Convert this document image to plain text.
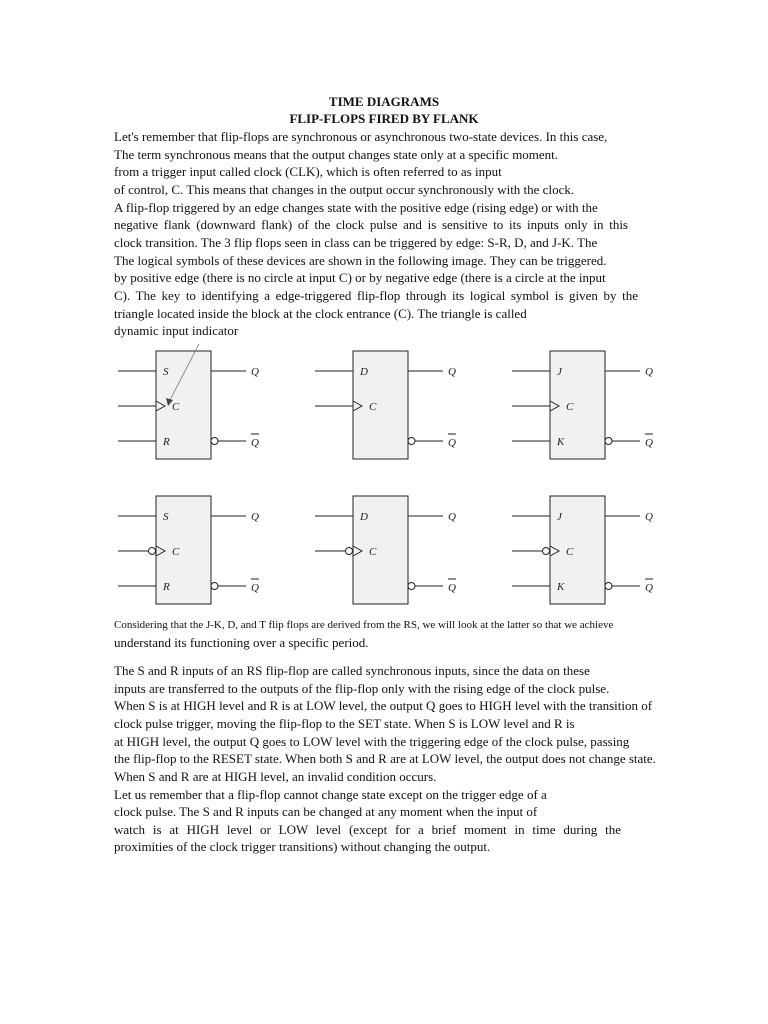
TIME DIAGRAMS
FLIP-FLOPS FIRED BY FLANK
Let's remember that flip-flops are synchronous or asynchronous two-state devices. In this case,
The term synchronous means that the output changes state only at a specific moment.
from a trigger input called clock (CLK), which is often referred to as input
of control, C. This means that changes in the output occur synchronously with the clock.
A flip-flop triggered by an edge changes state with the positive edge (rising edge) or with the
negative flank (downward flank) of the clock pulse and is sensitive to its inputs only in this
clock transition. The 3 flip flops seen in class can be triggered by edge: S-R, D, and J-K. The
The logical symbols of these devices are shown in the following image. They can be triggered.
by positive edge (there is no circle at input C) or by negative edge (there is a circle at the input
C). The key to identifying a edge-triggered flip-flop through its logical symbol is given by the
triangle located inside the block at the clock entrance (C). The triangle is called
dynamic input indicator
S
C
R
Q
Q
D
C
Q
Q
J
C
K
Q
Q
S
C
R
Q
Q
D
C
Q
Q
J
C
K
Q
Q
Considering that the J-K, D, and T flip flops are derived from the RS, we will look at the latter so that we achieve
understand its functioning over a specific period.
The S and R inputs of an RS flip-flop are called synchronous inputs, since the data on these
inputs are transferred to the outputs of the flip-flop only with the rising edge of the clock pulse.
When S is at HIGH level and R is at LOW level, the output Q goes to HIGH level with the transition of
clock pulse trigger, moving the flip-flop to the SET state. When S is LOW level and R is
at HIGH level, the output Q goes to LOW level with the triggering edge of the clock pulse, passing
the flip-flop to the RESET state. When both S and R are at LOW level, the output does not change state.
When S and R are at HIGH level, an invalid condition occurs.
Let us remember that a flip-flop cannot change state except on the trigger edge of a
clock pulse. The S and R inputs can be changed at any moment when the input of
watch is at HIGH level or LOW level (except for a brief moment in time during the
proximities of the clock trigger transitions) without changing the output.
